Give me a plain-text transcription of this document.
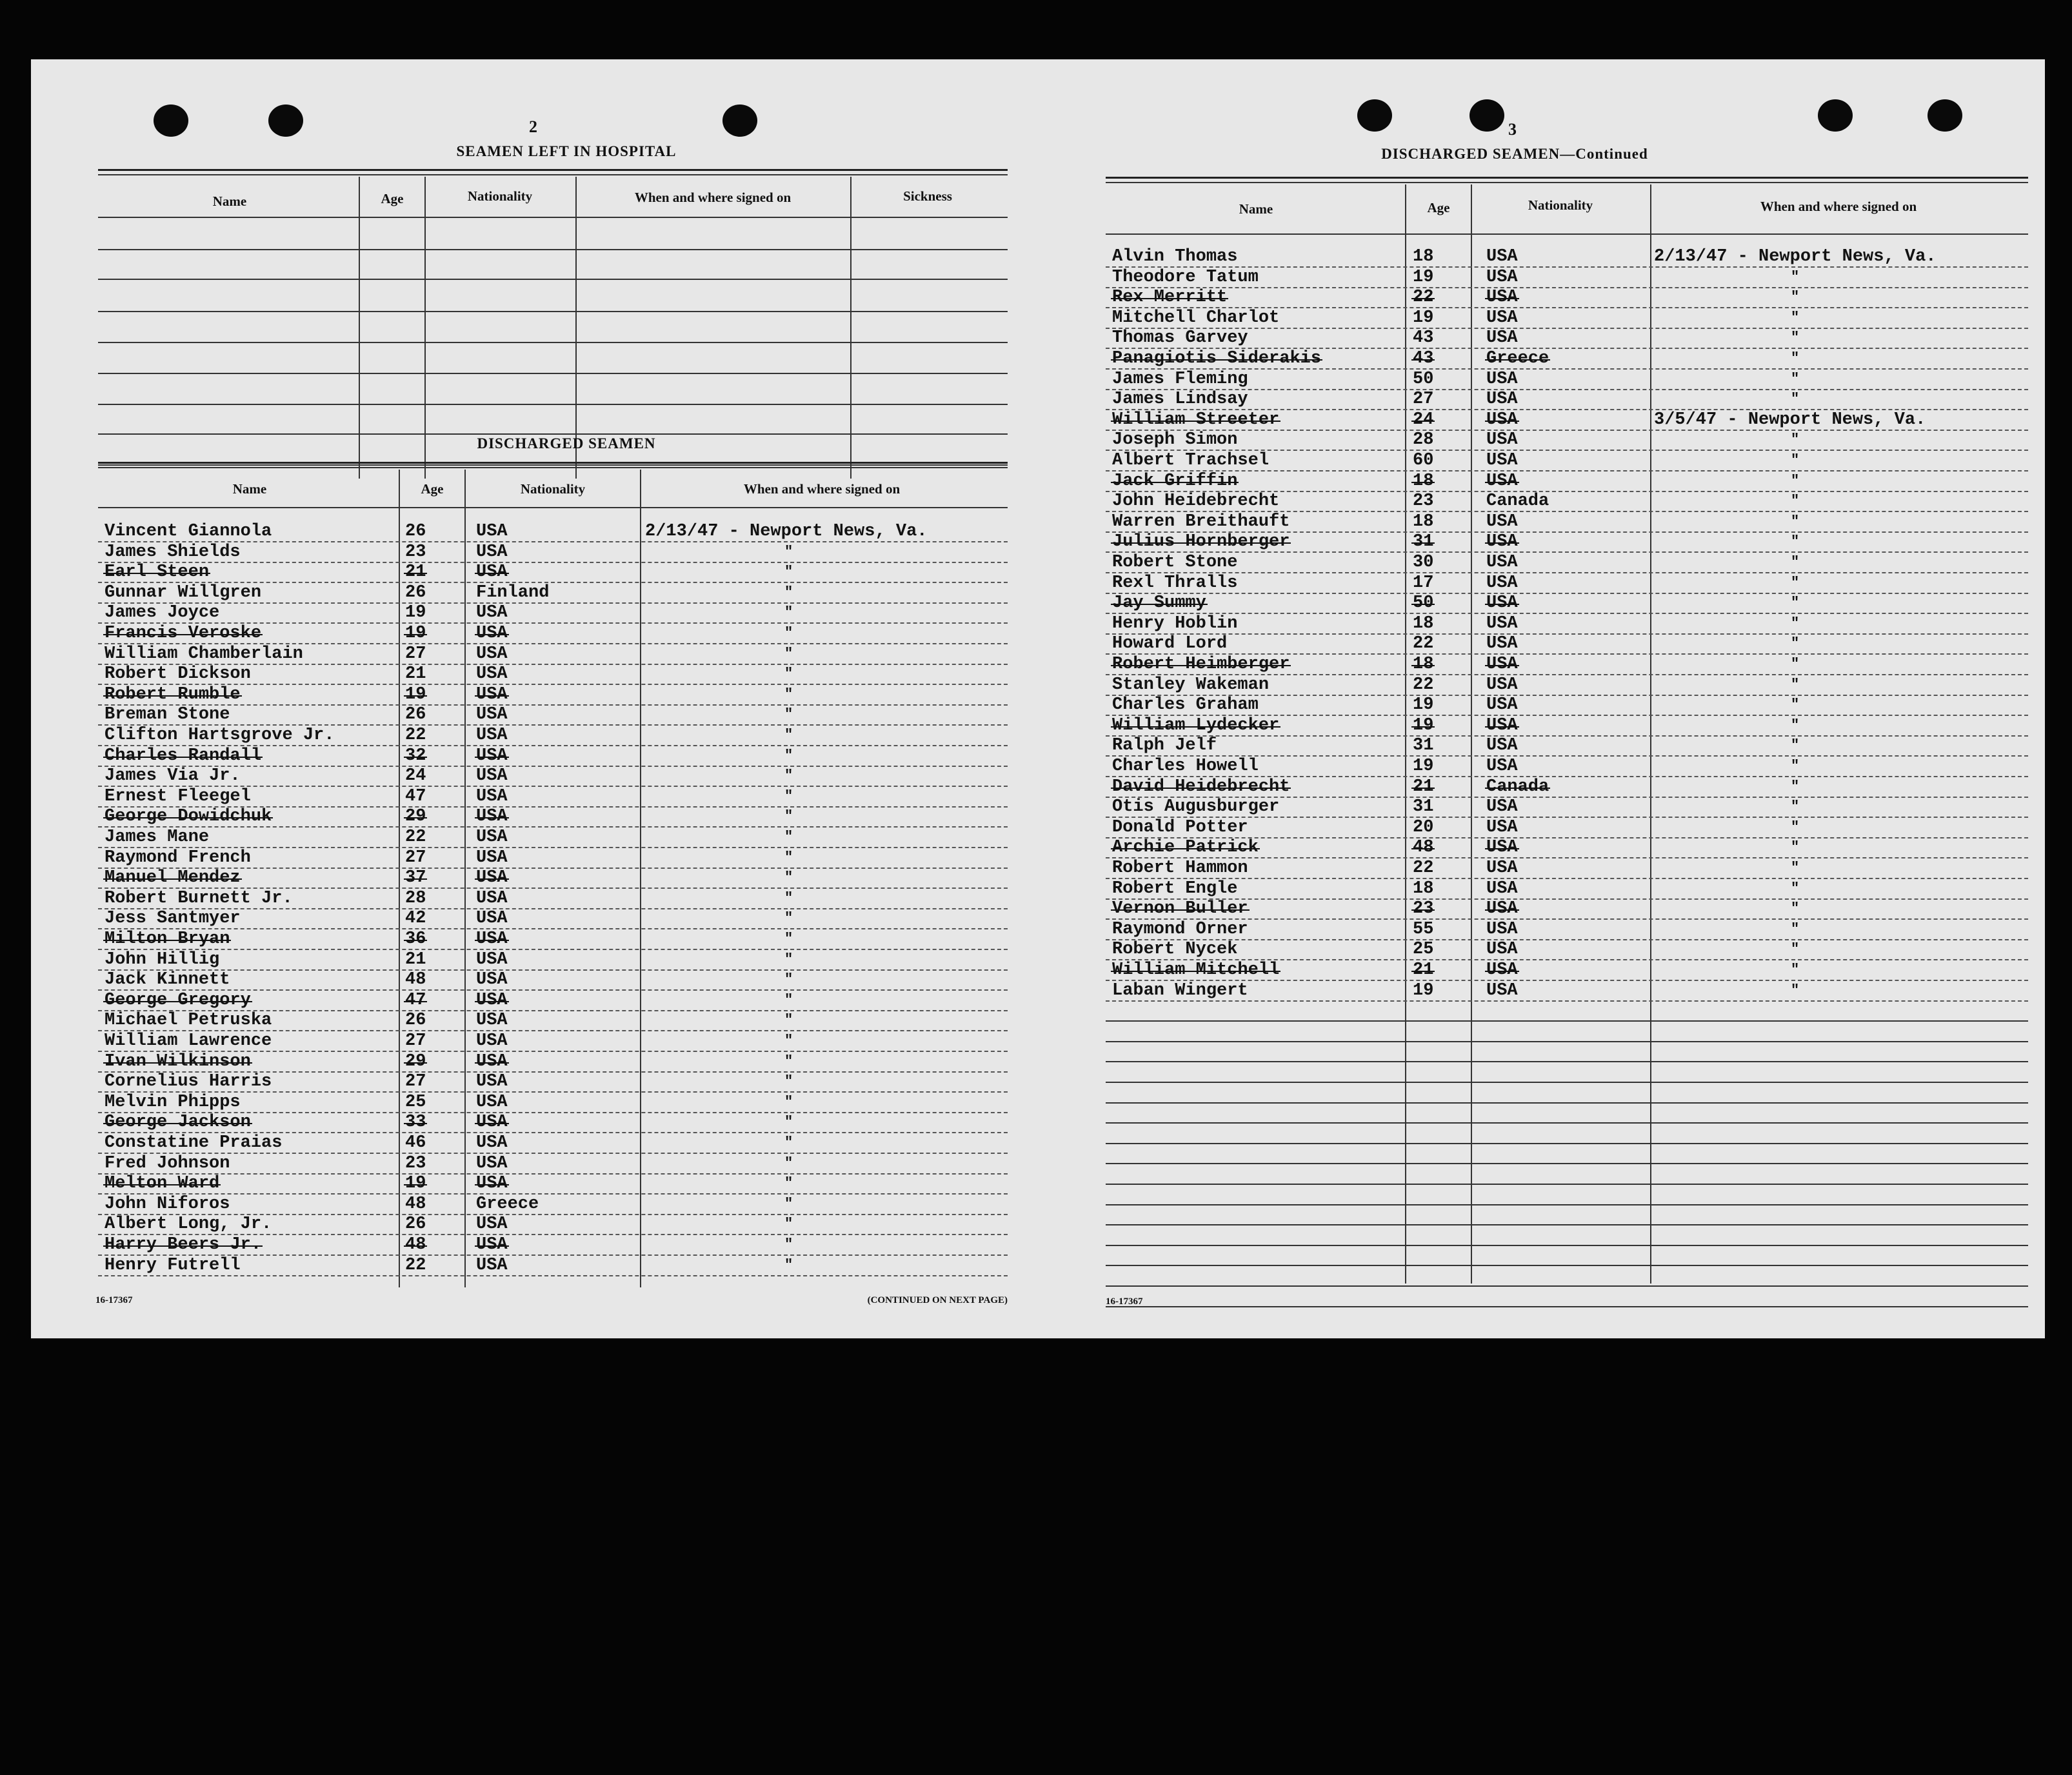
2
SEAMEN LEFT IN HOSPITAL
Name	Age	Nationality	When and where signed on	Sickness
DISCHARGED SEAMEN
Name	Age	Nationality	When and where signed on
Vincent Giannola	26	USA	2/13/47 - Newport News, Va.
James Shields	23	USA	"
Earl Steen	21	USA	"
Gunnar Willgren	26	Finland	"
James Joyce	19	USA	"
Francis Veroske	19	USA	"
William Chamberlain	27	USA	"
Robert Dickson	21	USA	"
Robert Rumble	19	USA	"
Breman Stone	26	USA	"
Clifton Hartsgrove Jr.	22	USA	"
Charles Randall	32	USA	"
James Via Jr.	24	USA	"
Ernest Fleegel	47	USA	"
George Dowidchuk	29	USA	"
James Mane	22	USA	"
Raymond French	27	USA	"
Manuel Mendez	37	USA	"
Robert Burnett Jr.	28	USA	"
Jess Santmyer	42	USA	"
Milton Bryan	36	USA	"
John Hillig	21	USA	"
Jack Kinnett	48	USA	"
George Gregory	47	USA	"
Michael Petruska	26	USA	"
William Lawrence	27	USA	"
Ivan Wilkinson	29	USA	"
Cornelius Harris	27	USA	"
Melvin Phipps	25	USA	"
George Jackson	33	USA	"
Constatine Praias	46	USA	"
Fred Johnson	23	USA	"
Melton Ward	19	USA	"
John Niforos	48	Greece	"
Albert Long, Jr.	26	USA	"
Harry Beers Jr.	48	USA	"
Henry Futrell	22	USA	"
16-17367	(CONTINUED ON NEXT PAGE)
3
DISCHARGED SEAMEN—Continued
Name	Age	Nationality	When and where signed on
Alvin Thomas	18	USA	2/13/47 - Newport News, Va.
Theodore Tatum	19	USA	"
Rex Merritt	22	USA	"
Mitchell Charlot	19	USA	"
Thomas Garvey	43	USA	"
Panagiotis Siderakis	43	Greece	"
James Fleming	50	USA	"
James Lindsay	27	USA	"
William Streeter	24	USA	3/5/47 - Newport News, Va.
Joseph Simon	28	USA	"
Albert Trachsel	60	USA	"
Jack Griffin	18	USA	"
John Heidebrecht	23	Canada	"
Warren Breithauft	18	USA	"
Julius Hornberger	31	USA	"
Robert Stone	30	USA	"
Rexl Thralls	17	USA	"
Jay Summy	50	USA	"
Henry Hoblin	18	USA	"
Howard Lord	22	USA	"
Robert Heimberger	18	USA	"
Stanley Wakeman	22	USA	"
Charles Graham	19	USA	"
William Lydecker	19	USA	"
Ralph Jelf	31	USA	"
Charles Howell	19	USA	"
David Heidebrecht	21	Canada	"
Otis Augusburger	31	USA	"
Donald Potter	20	USA	"
Archie Patrick	48	USA	"
Robert Hammon	22	USA	"
Robert Engle	18	USA	"
Vernon Buller	23	USA	"
Raymond Orner	55	USA	"
Robert Nycek	25	USA	"
William Mitchell	21	USA	"
Laban Wingert	19	USA	"
16-17367
